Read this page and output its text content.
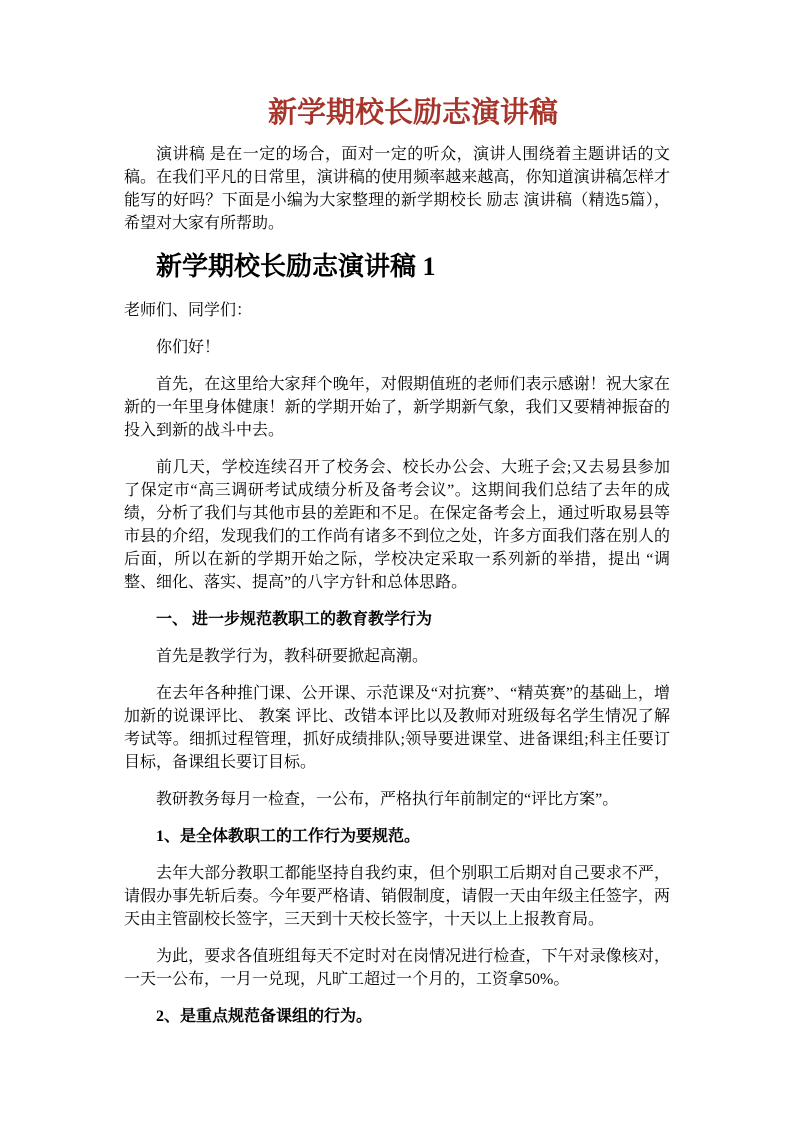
新学期校长励志演讲稿

演讲稿 是在一定的场合，面对一定的听众，演讲人围绕着主题讲话的文稿。在我们平凡的日常里，演讲稿的使用频率越来越高，你知道演讲稿怎样才能写的好吗？下面是小编为大家整理的新学期校长 励志 演讲稿（精选5篇），希望对大家有所帮助。

新学期校长励志演讲稿 1

老师们、同学们：

你们好！

首先，在这里给大家拜个晚年，对假期值班的老师们表示感谢！祝大家在新的一年里身体健康！新的学期开始了，新学期新气象，我们又要精神振奋的投入到新的战斗中去。

前几天，学校连续召开了校务会、校长办公会、大班子会;又去易县参加了保定市“高三调研考试成绩分析及备考会议”。这期间我们总结了去年的成绩，分析了我们与其他市县的差距和不足。在保定备考会上，通过听取易县等市县的介绍，发现我们的工作尚有诸多不到位之处，许多方面我们落在别人的后面，所以在新的学期开始之际，学校决定采取一系列新的举措，提出 “调整、细化、落实、提高”的八字方针和总体思路。

一、 进一步规范教职工的教育教学行为

首先是教学行为，教科研要掀起高潮。

在去年各种推门课、公开课、示范课及“对抗赛”、“精英赛”的基础上，增加新的说课评比、 教案 评比、改错本评比以及教师对班级每名学生情况了解考试等。细抓过程管理，抓好成绩排队;领导要进课堂、进备课组;科主任要订目标，备课组长要订目标。

教研教务每月一检查，一公布，严格执行年前制定的“评比方案”。

1、是全体教职工的工作行为要规范。

去年大部分教职工都能坚持自我约束，但个别职工后期对自己要求不严，请假办事先斩后奏。今年要严格请、销假制度，请假一天由年级主任签字，两天由主管副校长签字，三天到十天校长签字，十天以上上报教育局。

为此，要求各值班组每天不定时对在岗情况进行检查，下午对录像核对，一天一公布，一月一兑现，凡旷工超过一个月的，工资拿50%。

2、是重点规范备课组的行为。
